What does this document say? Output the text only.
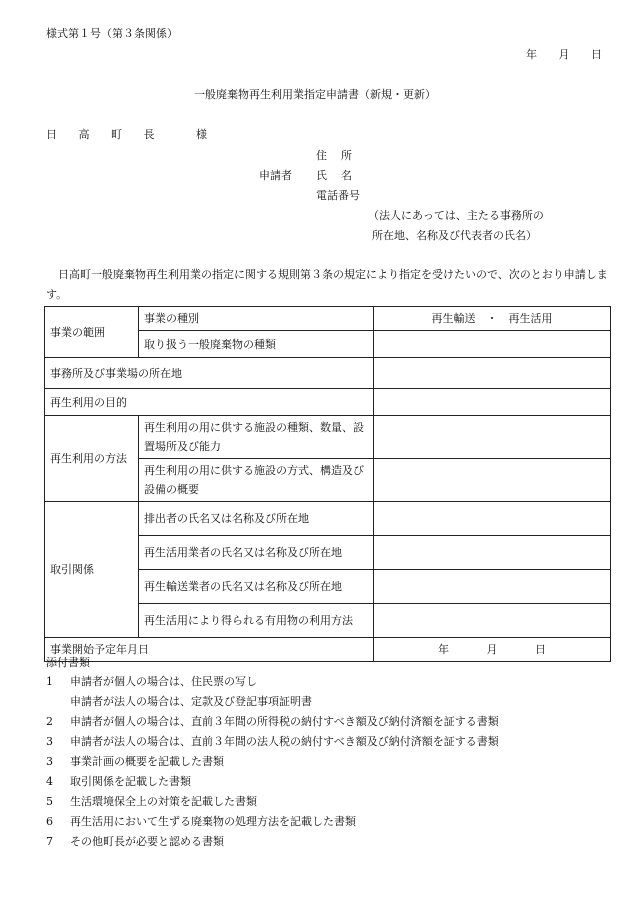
様式第１号（第３条関係）
年 月 日
一般廃棄物再生利用業指定申請書（新規・更新）
日 高 町 長　 様
住所
申請者 氏名
電話番号
（法人にあっては、主たる事務所の
所在地、名称及び代表者の氏名）
日高町一般廃棄物再生利用業の指定に関する規則第３条の規定により指定を受けたいので、次のとおり申請します。
事業の範囲	事業の種別	再生輸送　・　再生活用
	取り扱う一般廃棄物の種類	
事務所及び事業場の所在地		
再生利用の目的		
再生利用の方法	再生利用の用に供する施設の種類、数量、設置場所及び能力	
	再生利用の用に供する施設の方式、構造及び設備の概要	
取引関係	排出者の氏名又は名称及び所在地	
	再生活用業者の氏名又は名称及び所在地	
	再生輸送業者の氏名又は名称及び所在地	
	再生活用により得られる有用物の利用方法	
事業開始予定年月日		年 月 日
添付書類
1 申請者が個人の場合は、住民票の写し
申請者が法人の場合は、定款及び登記事項証明書
2 申請者が個人の場合は、直前３年間の所得税の納付すべき額及び納付済額を証する書類
3 申請者が法人の場合は、直前３年間の法人税の納付すべき額及び納付済額を証する書類
3 事業計画の概要を記載した書類
4 取引関係を記載した書類
5 生活環境保全上の対策を記載した書類
6 再生活用において生ずる廃棄物の処理方法を記載した書類
7 その他町長が必要と認める書類
